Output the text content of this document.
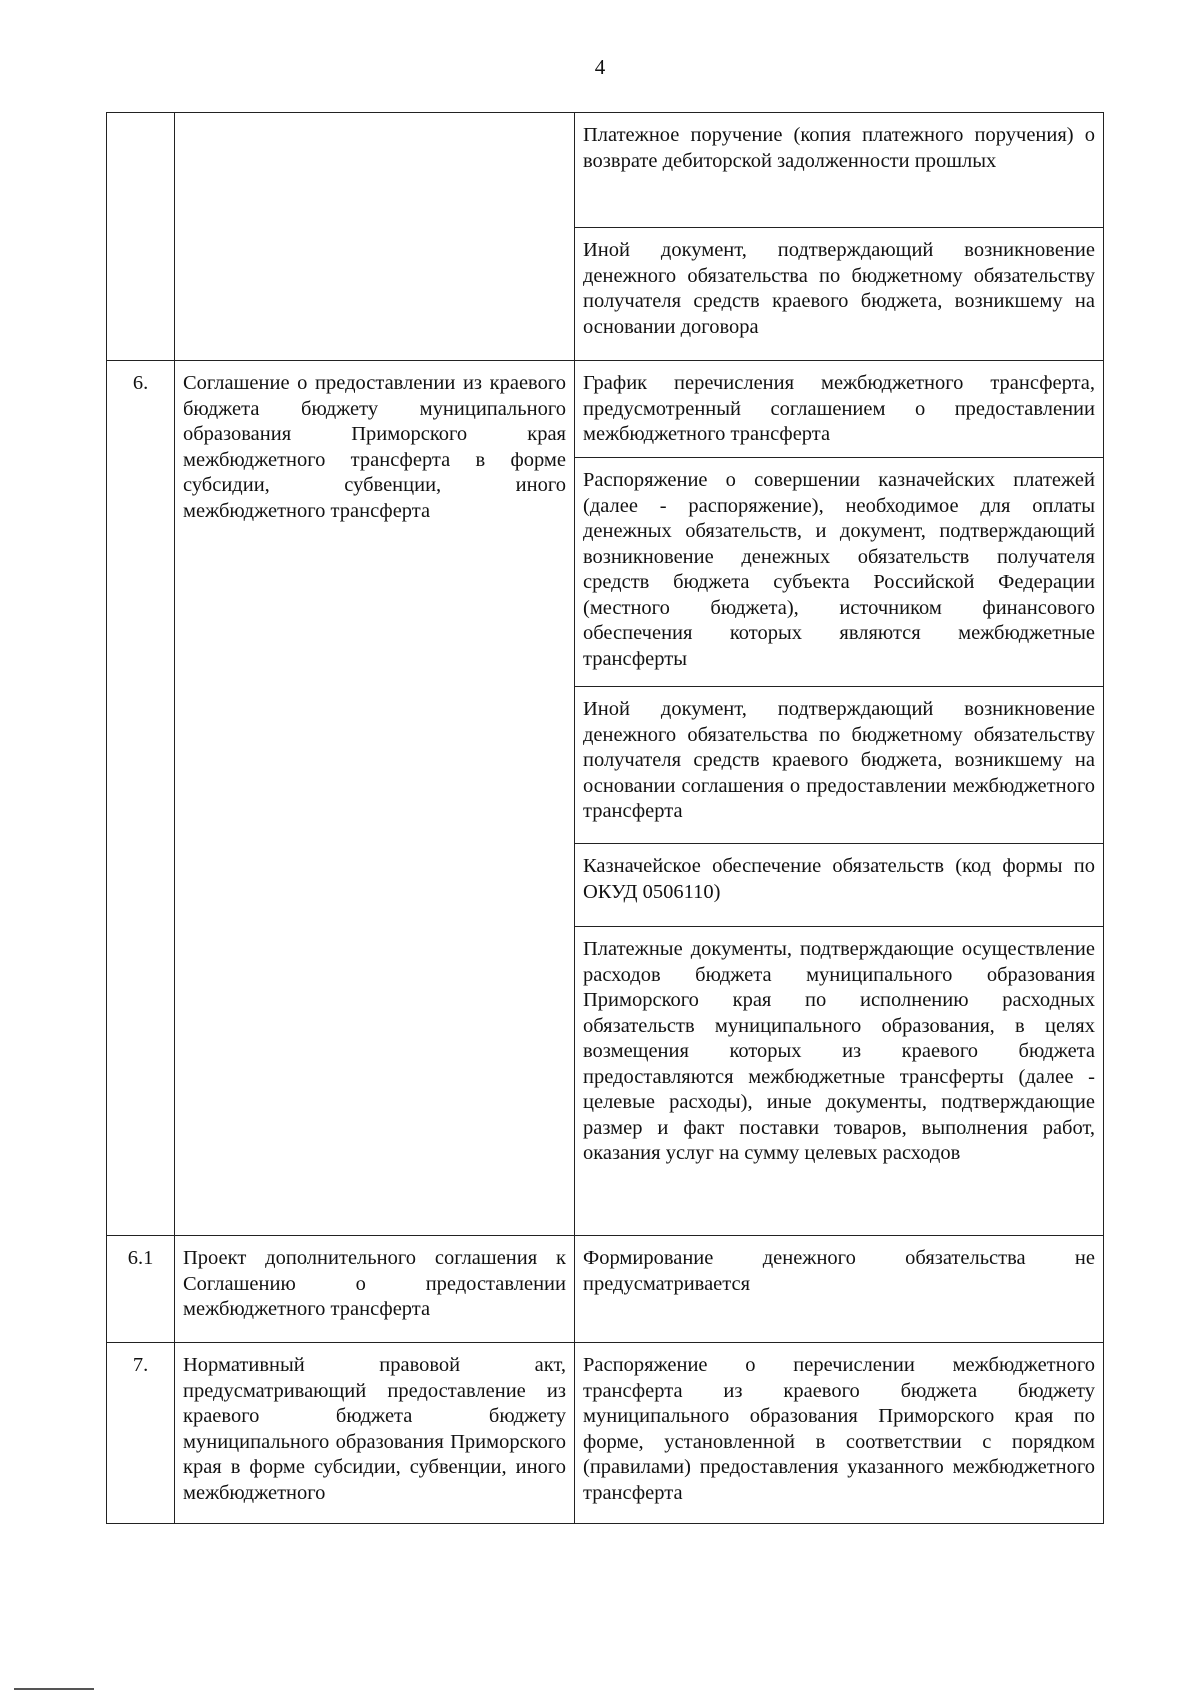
4
		Платежное поручение (копия платежного поручения) о возврате дебиторской задолженности прошлых
		Иной документ, подтверждающий возникновение денежного обязательства по бюджетному обязательству получателя средств краевого бюджета, возникшему на основании договора
6.	Соглашение о предоставлении из краевого бюджета бюджету муниципального образования Приморского края межбюджетного трансферта в форме субсидии, субвенции, иного межбюджетного трансферта	График перечисления межбюджетного трансферта, предусмотренный соглашением о предоставлении межбюджетного трансферта
		Распоряжение о совершении казначейских платежей (далее - распоряжение), необходимое для оплаты денежных обязательств, и документ, подтверждающий возникновение денежных обязательств получателя средств бюджета субъекта Российской Федерации (местного бюджета), источником финансового обеспечения которых являются межбюджетные трансферты
		Иной документ, подтверждающий возникновение денежного обязательства по бюджетному обязательству получателя средств краевого бюджета, возникшему на основании соглашения о предоставлении межбюджетного трансферта
		Казначейское обеспечение обязательств (код формы по ОКУД 0506110)
		Платежные документы, подтверждающие осуществление расходов бюджета муниципального образования Приморского края по исполнению расходных обязательств муниципального образования, в целях возмещения которых из краевого бюджета предоставляются межбюджетные трансферты (далее - целевые расходы), иные документы, подтверждающие размер и факт поставки товаров, выполнения работ, оказания услуг на сумму целевых расходов
6.1	Проект дополнительного соглашения к Соглашению о предоставлении межбюджетного трансферта	Формирование денежного обязательства не предусматривается
7.	Нормативный правовой акт, предусматривающий предоставление из краевого бюджета бюджету муниципального образования Приморского края в форме субсидии, субвенции, иного межбюджетного	Распоряжение о перечислении межбюджетного трансферта из краевого бюджета бюджету муниципального образования Приморского края по форме, установленной в соответствии с порядком (правилами) предоставления указанного межбюджетного трансферта
